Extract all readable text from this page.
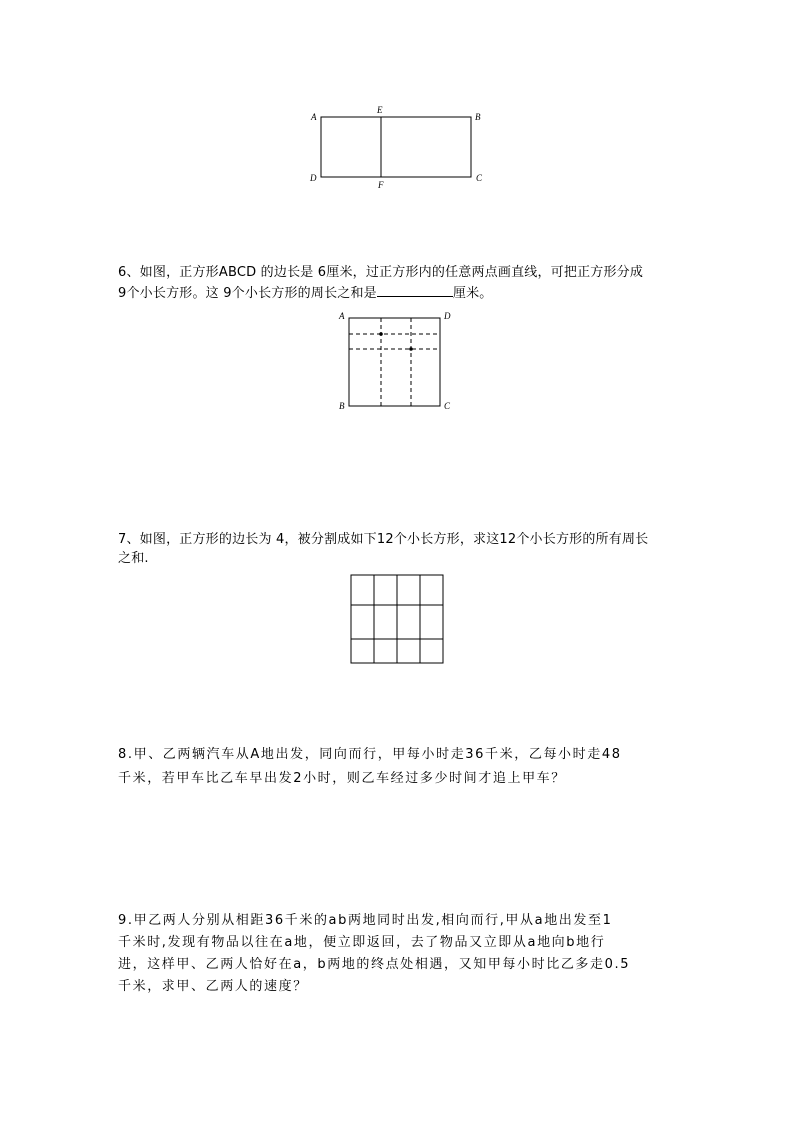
A
E
B
D
F
C
6、如图，正方形ABCD 的边长是 6厘米，过正方形内的任意两点画直线，可把正方形分成
9个小长方形。这 9个小长方形的周长之和是	厘米。
A	D
B	C
7、如图，正方形的边长为 4，被分割成如下12个小长方形，求这12个小长方形的所有周长
之和.
8.甲、乙两辆汽车从A地出发，同向而行，甲每小时走36千米，乙每小时走48
千米，若甲车比乙车早出发2小时，则乙车经过多少时间才追上甲车？
9.甲乙两人分别从相距36千米的ab两地同时出发,相向而行,甲从a地出发至1
千米时,发现有物品以往在a地，便立即返回，去了物品又立即从a地向b地行
进，这样甲、乙两人恰好在a，b两地的终点处相遇，又知甲每小时比乙多走0.5
千米，求甲、乙两人的速度？
